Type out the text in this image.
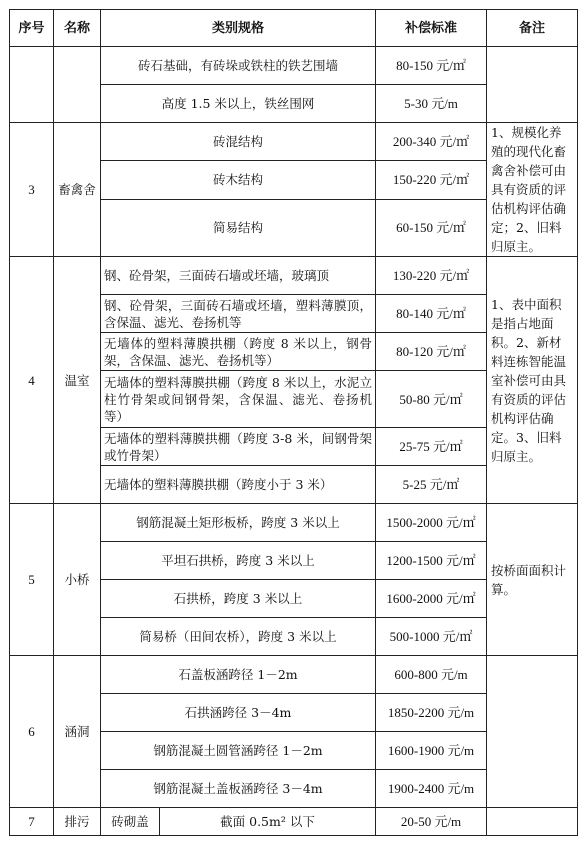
序号	名称	类别规格		补偿标准	备注
		砖石基础，有砖垛或铁柱的铁艺围墙		80-150 元/㎡	
		高度 1.5 米以上，铁丝围网		5-30 元/m	
3	畜禽舍	砖混结构		200-340 元/㎡	1、规模化养殖的现代化畜禽舍补偿可由具有资质的评估机构评估确定；2、旧料归原主。
		砖木结构		150-220 元/㎡	
		简易结构		60-150 元/㎡	
4	温室	钢、砼骨架，三面砖石墙或坯墙，玻璃顶		130-220 元/㎡	1、表中面积是指占地面积。2、新材料连栋智能温室补偿可由具有资质的评估机构评估确定。3、旧料归原主。
		钢、砼骨架，三面砖石墙或坯墙，塑料薄膜顶，含保温、滤光、卷扬机等		80-140 元/㎡	
		无墙体的塑料薄膜拱棚（跨度 8 米以上，钢骨架，含保温、滤光、卷扬机等）		80-120 元/㎡	
		无墙体的塑料薄膜拱棚（跨度 8 米以上，水泥立柱竹骨架或间钢骨架，含保温、滤光、卷扬机等）		50-80 元/㎡	
		无墙体的塑料薄膜拱棚（跨度 3-8 米，间钢骨架或竹骨架）		25-75 元/㎡	
		无墙体的塑料薄膜拱棚（跨度小于 3 米）		5-25 元/㎡	
5	小桥	钢筋混凝土矩形板桥，跨度 3 米以上		1500-2000 元/㎡	按桥面面积计算。
		平坦石拱桥，跨度 3 米以上		1200-1500 元/㎡	
		石拱桥，跨度 3 米以上		1600-2000 元/㎡	
		简易桥（田间农桥），跨度 3 米以上		500-1000 元/㎡	
6	涵洞	石盖板涵跨径 1－2m		600-800 元/m	
		石拱涵跨径 3－4m		1850-2200 元/m	
		钢筋混凝土圆管涵跨径 1－2m		1600-1900 元/m	
		钢筋混凝土盖板涵跨径 3－4m		1900-2400 元/m	
7	排污	砖砌盖	截面 0.5m² 以下	20-50 元/m	
